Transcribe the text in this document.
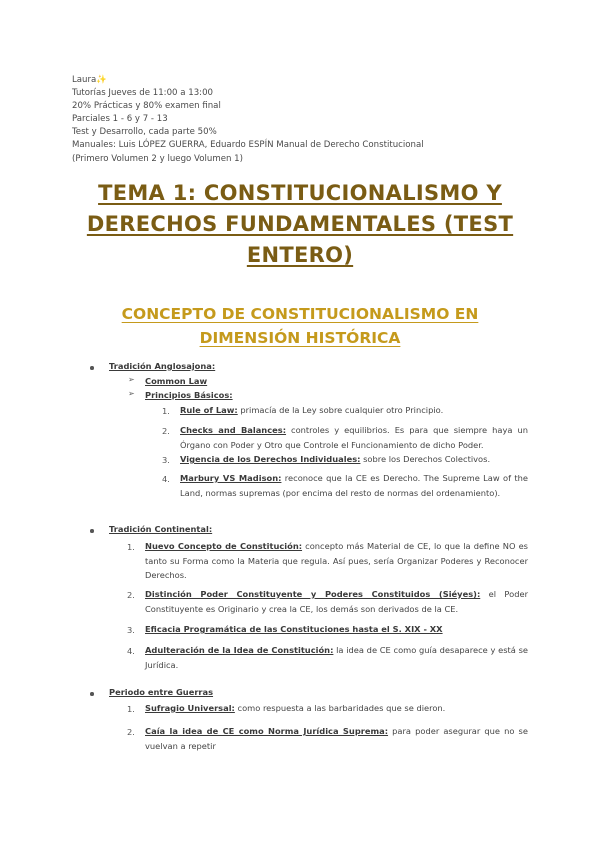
Laura✨
Tutorías Jueves de 11:00 a 13:00
20% Prácticas y 80% examen final
Parciales 1 - 6 y 7 - 13
Test y Desarrollo, cada parte 50%
Manuales: Luis LÓPEZ GUERRA, Eduardo ESPÍN Manual de Derecho Constitucional
(Primero Volumen 2 y luego Volumen 1)
TEMA 1: CONSTITUCIONALISMO Y
DERECHOS FUNDAMENTALES (TEST
ENTERO)
CONCEPTO DE CONSTITUCIONALISMO EN
DIMENSIÓN HISTÓRICA
Tradición Anglosajona:
➢ Common Law
➢ Principios Básicos:
1. Rule of Law: primacía de la Ley sobre cualquier otro Principio.
2. Checks and Balances: controles y equilibrios. Es para que siempre haya un Órgano con Poder y Otro que Controle el Funcionamiento de dicho Poder.
3. Vigencia de los Derechos Individuales: sobre los Derechos Colectivos.
4. Marbury VS Madison: reconoce que la CE es Derecho. The Supreme Law of the Land, normas supremas (por encima del resto de normas del ordenamiento).
Tradición Continental:
1. Nuevo Concepto de Constitución: concepto más Material de CE, lo que la define NO es tanto su Forma como la Materia que regula. Así pues, sería Organizar Poderes y Reconocer Derechos.
2. Distinción Poder Constituyente y Poderes Constituidos (Siéyes): el Poder Constituyente es Originario y crea la CE, los demás son derivados de la CE.
3. Eficacia Programática de las Constituciones hasta el S. XIX - XX
4. Adulteración de la Idea de Constitución: la idea de CE como guía desaparece y está se Jurídica.
Periodo entre Guerras
1. Sufragio Universal: como respuesta a las barbaridades que se dieron.
2. Caía la idea de CE como Norma Jurídica Suprema: para poder asegurar que no se vuelvan a repetir
